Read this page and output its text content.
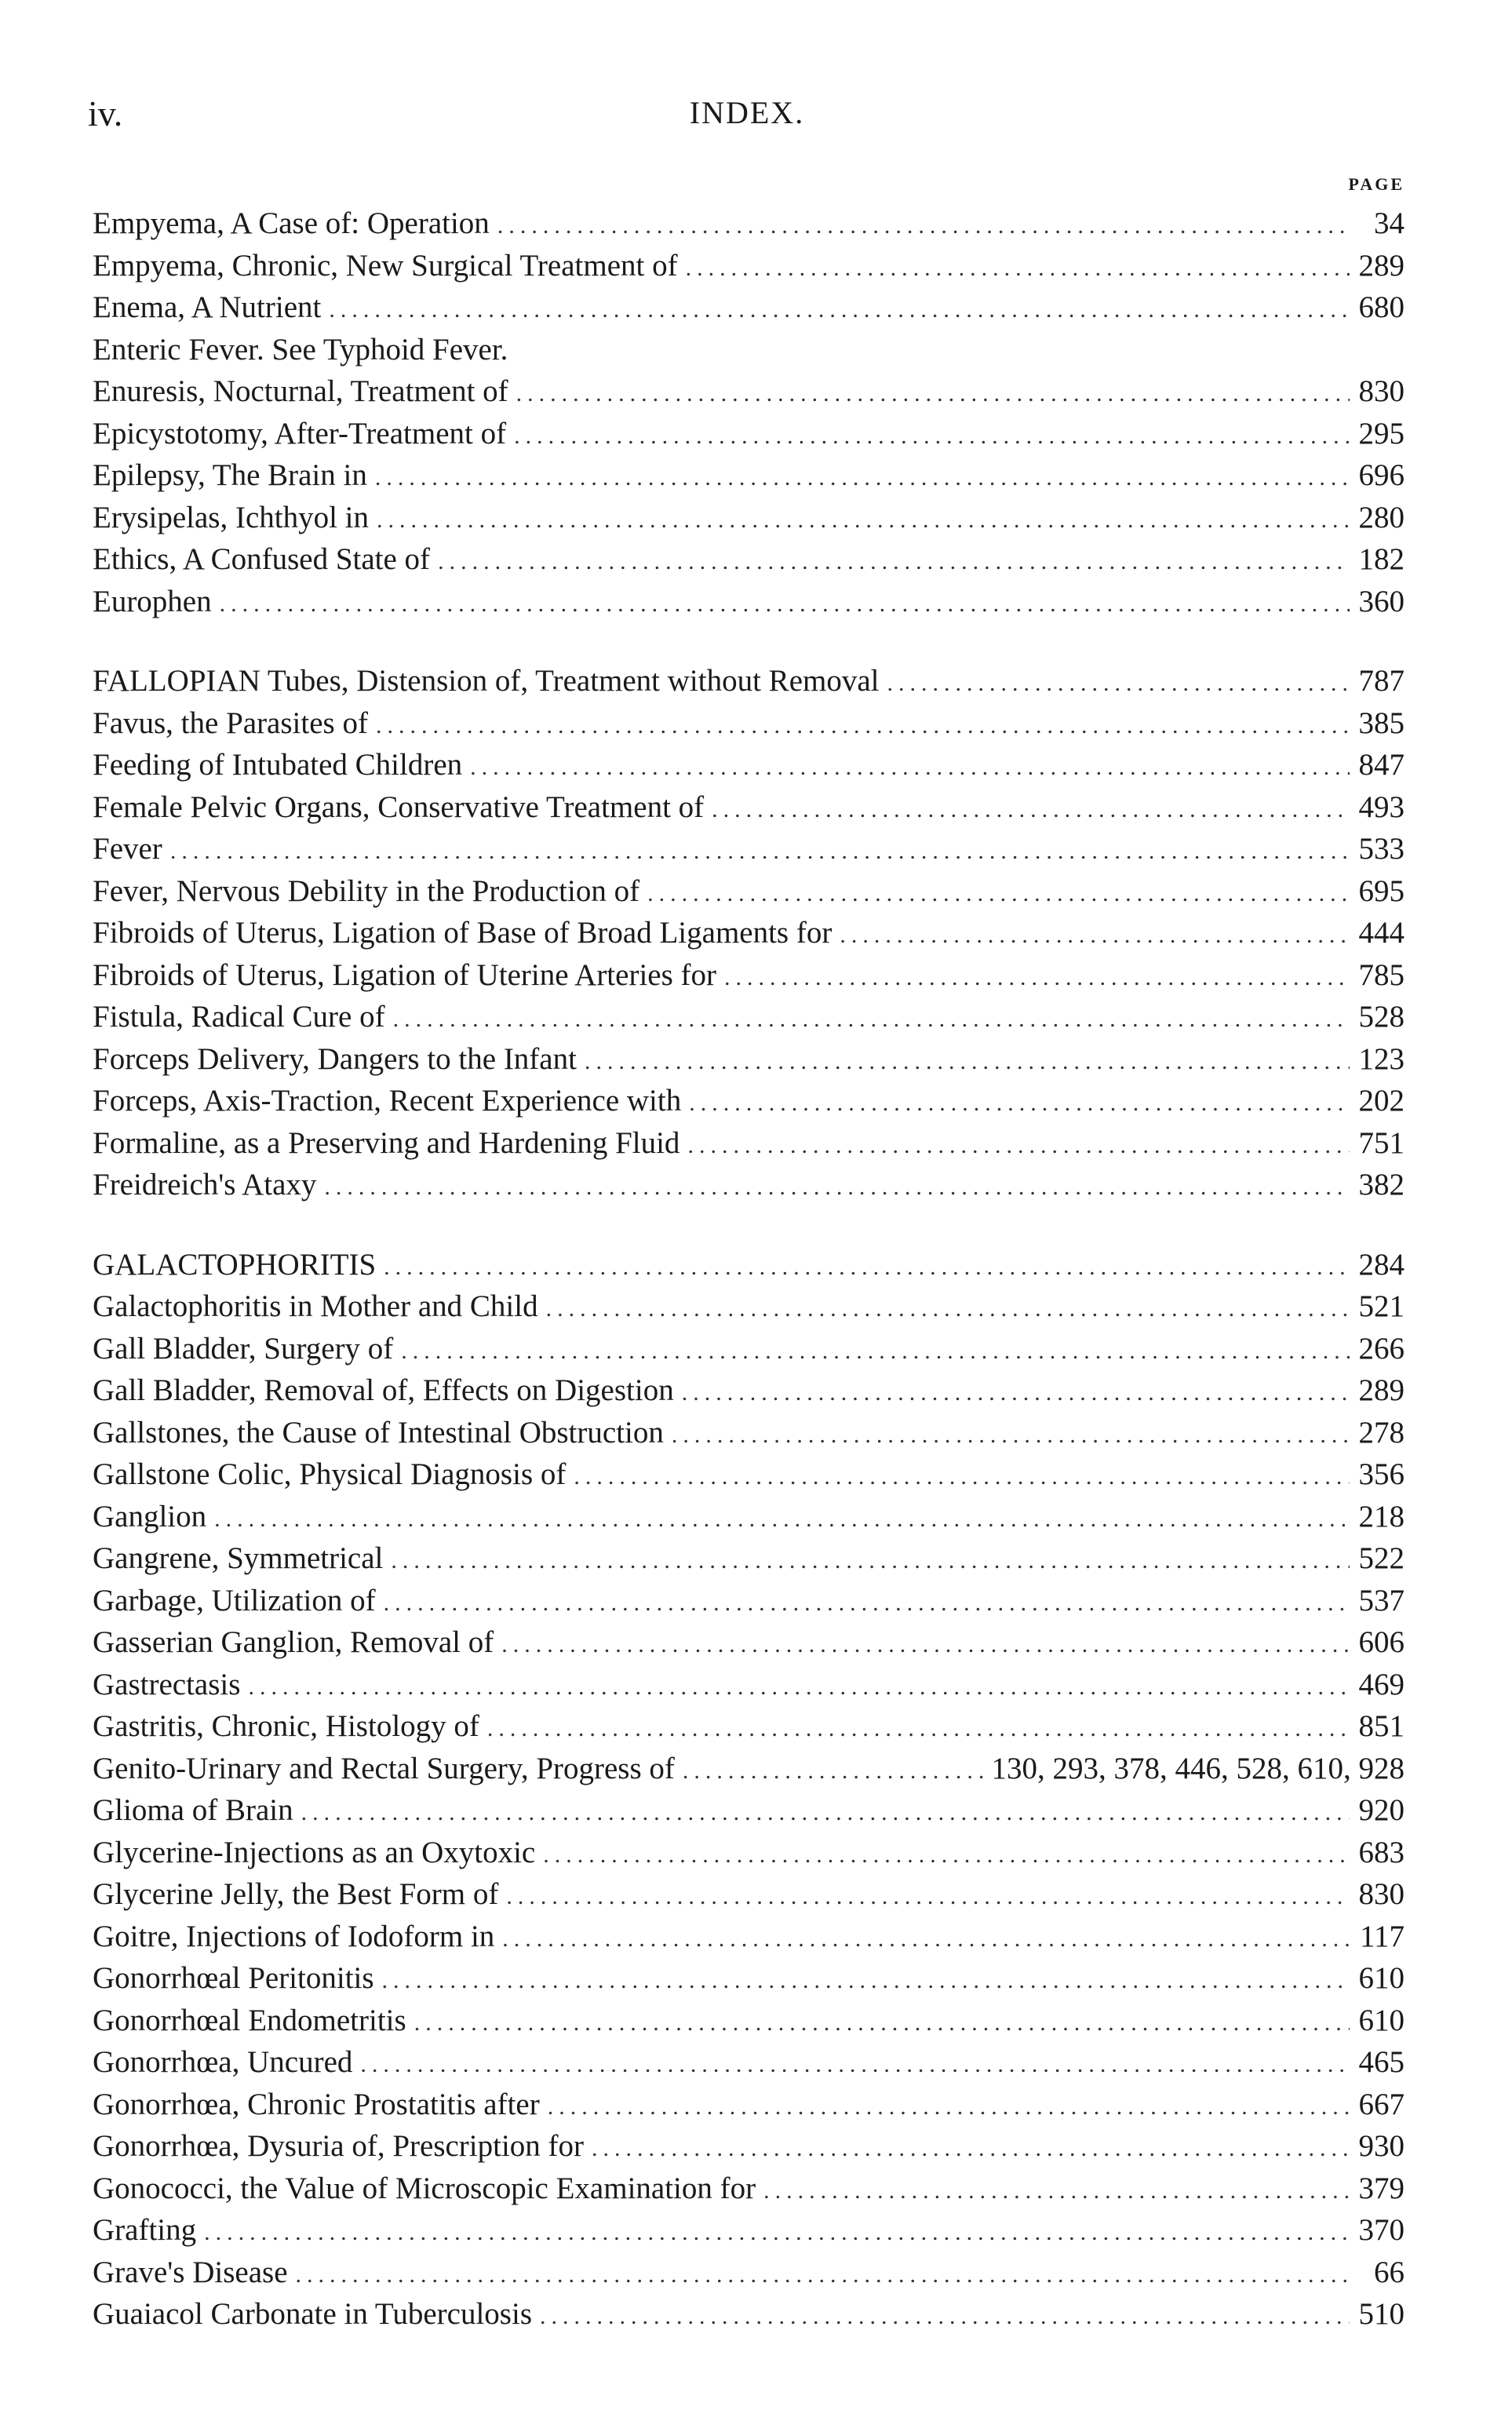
iv.	INDEX.
PAGE
Empyema, A Case of: Operation .....	34
Empyema, Chronic, New Surgical Treatment of .....	289
Enema, A Nutrient .....	680
Enteric Fever. See Typhoid Fever.
Enuresis, Nocturnal, Treatment of .....	830
Epicystotomy, After-Treatment of .....	295
Epilepsy, The Brain in .....	696
Erysipelas, Ichthyol in .....	280
Ethics, A Confused State of .....	182
Europhen .....	360
FALLOPIAN Tubes, Distension of, Treatment without Removal .....	787
Favus, the Parasites of .....	385
Feeding of Intubated Children .....	847
Female Pelvic Organs, Conservative Treatment of .....	493
Fever .....	533
Fever, Nervous Debility in the Production of .....	695
Fibroids of Uterus, Ligation of Base of Broad Ligaments for .....	444
Fibroids of Uterus, Ligation of Uterine Arteries for .....	785
Fistula, Radical Cure of .....	528
Forceps Delivery, Dangers to the Infant .....	123
Forceps, Axis-Traction, Recent Experience with .....	202
Formaline, as a Preserving and Hardening Fluid .....	751
Freidreich's Ataxy .....	382
GALACTOPHORITIS .....	284
Galactophoritis in Mother and Child .....	521
Gall Bladder, Surgery of .....	266
Gall Bladder, Removal of, Effects on Digestion .....	289
Gallstones, the Cause of Intestinal Obstruction .....	278
Gallstone Colic, Physical Diagnosis of .....	356
Ganglion .....	218
Gangrene, Symmetrical .....	522
Garbage, Utilization of .....	537
Gasserian Ganglion, Removal of .....	606
Gastrectasis .....	469
Gastritis, Chronic, Histology of .....	851
Genito-Urinary and Rectal Surgery, Progress of .....	130, 293, 378, 446, 528, 610, 928
Glioma of Brain .....	920
Glycerine-Injections as an Oxytoxic .....	683
Glycerine Jelly, the Best Form of .....	830
Goitre, Injections of Iodoform in .....	117
Gonorrhœal Peritonitis .....	610
Gonorrhœal Endometritis .....	610
Gonorrhœa, Uncured .....	465
Gonorrhœa, Chronic Prostatitis after .....	667
Gonorrhœa, Dysuria of, Prescription for .....	930
Gonococci, the Value of Microscopic Examination for .....	379
Grafting .....	370
Grave's Disease .....	66
Guaiacol Carbonate in Tuberculosis .....	510
